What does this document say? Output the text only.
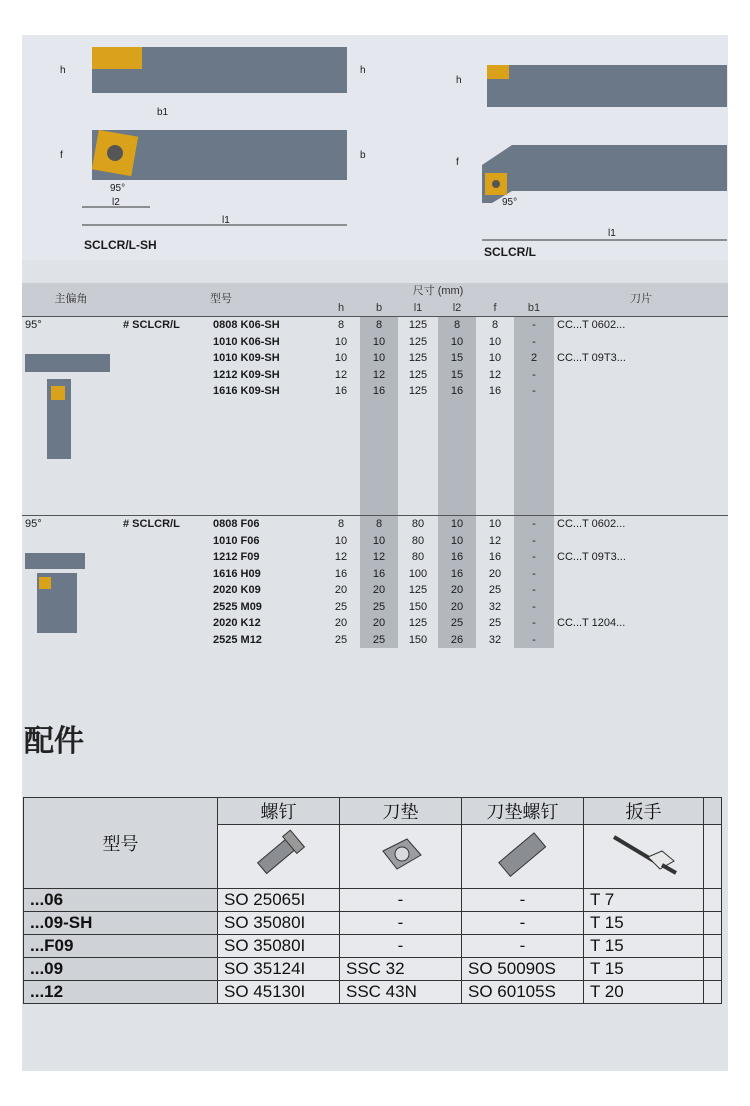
h	h
b1
f	b
95°
l2
l1
h
f
95°
l1
SCLCR/L-SH	SCLCR/L
主偏角	型号		尺寸 (mm)						刀片
			h	b	l1	l2	f	b1	

95°	# SCLCR/L	0808 K06-SH	8	8	125	8	8	-	CC...T 0602...
		1010 K06-SH	10	10	125	10	10	-	
		1010 K09-SH	10	10	125	15	10	2	CC...T 09T3...
		1212 K09-SH	12	12	125	15	12	-	
		1616 K09-SH	16	16	125	16	16	-	

95°	# SCLCR/L	0808 F06	8	8	80	10	10	-	CC...T 0602...
		1010 F06	10	10	80	10	12	-	
		1212 F09	12	12	80	16	16	-	CC...T 09T3...
		1616 H09	16	16	100	16	20	-	
		2020 K09	20	20	125	20	25	-	
		2525 M09	25	25	150	20	32	-	
		2020 K12	20	20	125	25	25	-	CC...T 1204...
		2525 M12	25	25	150	26	32	-	
配件
型号	螺钉	刀垫	刀垫螺钉	扳手	

...06	SO 25065I	-	-	T 7	
...09-SH	SO 35080I	-	-	T 15	
...F09	SO 35080I	-	-	T 15	
...09	SO 35124I	SSC 32	SO 50090S	T 15	
...12	SO 45130I	SSC 43N	SO 60105S	T 20	
